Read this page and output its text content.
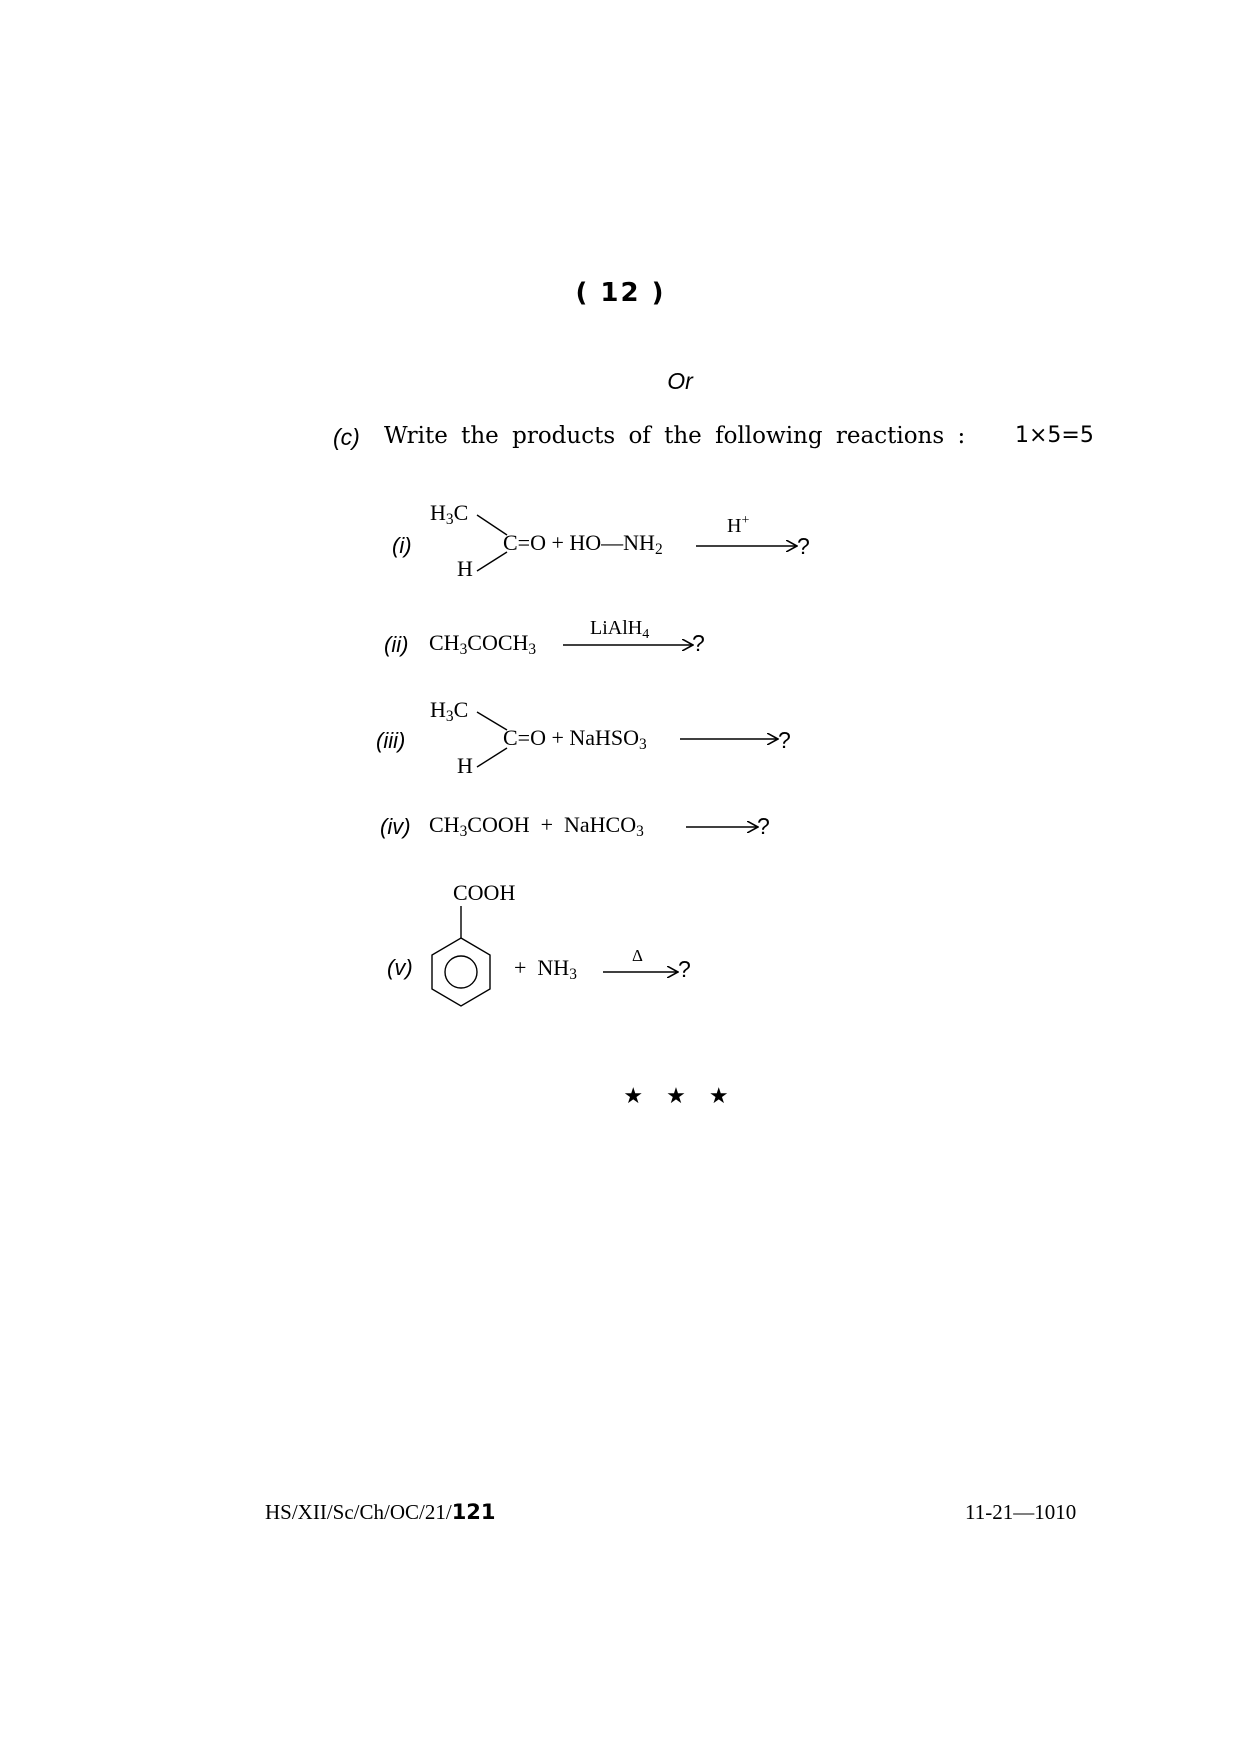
( 12 )
Or
(c) Write the products of the following reactions : 1×5=5
(i)
$H_3C$
H
$C=O + HO—NH_2$
H+
?
(ii) $CH_3COCH_3$
LiAlH$_4$ ?
(iii)
$H_3C$
H
C=O + NaHSO$_3$	?
(iv) $CH_3COOH$  +  NaHCO$_3$	?
COOH
(v)	+  $NH_3$
Δ
?
★ ★ ★
HS/XII/Sc/Ch/OC/21/121	11-21—1010
